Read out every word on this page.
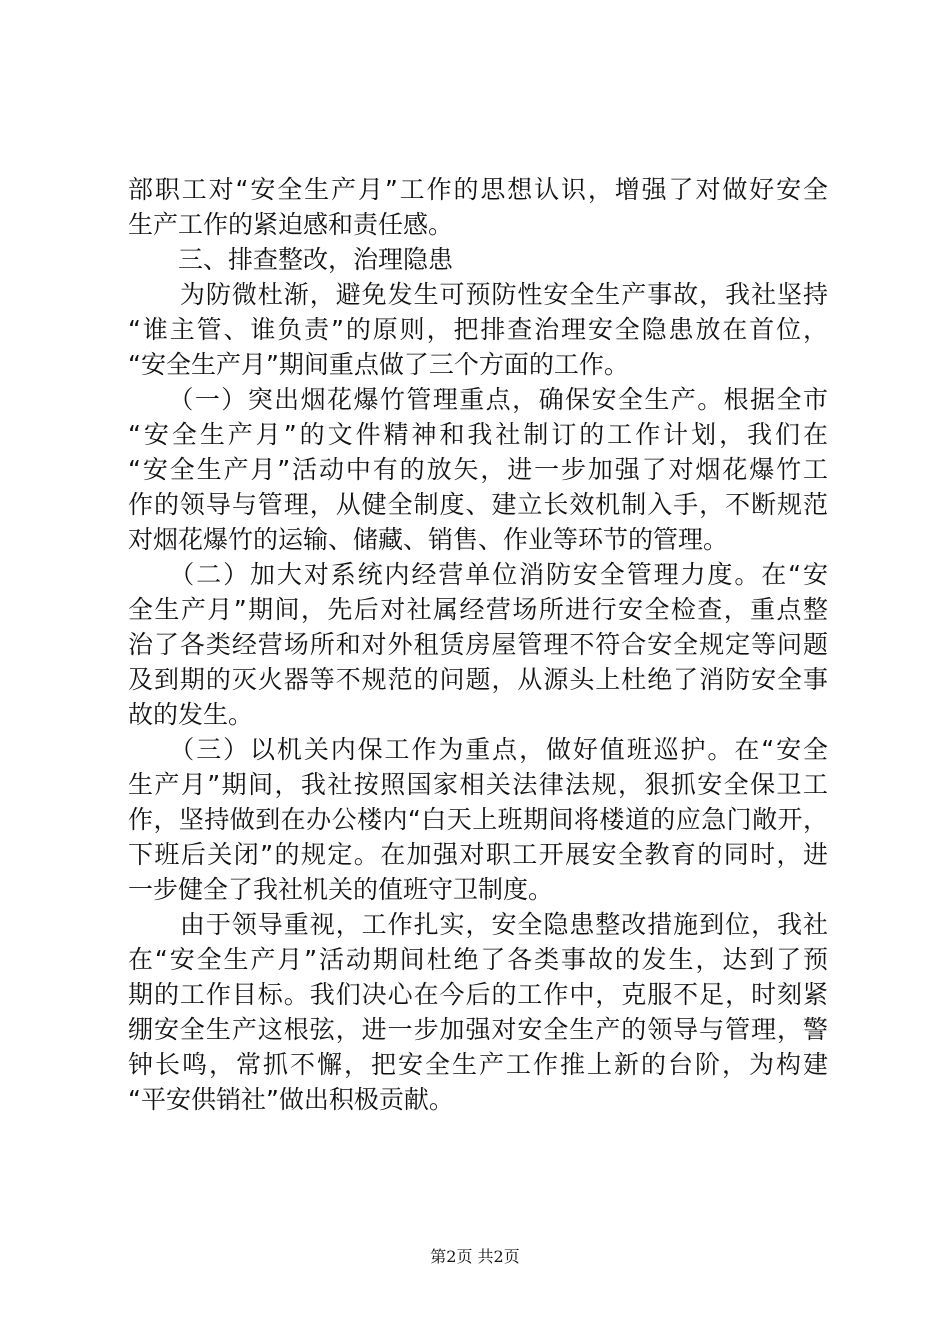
部职工对“安全生产月”工作的思想认识，增强了对做好安全
生产工作的紧迫感和责任感。
　　三、排查整改，治理隐患
　　为防微杜渐，避免发生可预防性安全生产事故，我社坚持
“谁主管、谁负责”的原则，把排查治理安全隐患放在首位，
“安全生产月”期间重点做了三个方面的工作。
　　（一）突出烟花爆竹管理重点，确保安全生产。根据全市
“安全生产月”的文件精神和我社制订的工作计划，我们在
“安全生产月”活动中有的放矢，进一步加强了对烟花爆竹工
作的领导与管理，从健全制度、建立长效机制入手，不断规范
对烟花爆竹的运输、储藏、销售、作业等环节的管理。
　　（二）加大对系统内经营单位消防安全管理力度。在“安
全生产月”期间，先后对社属经营场所进行安全检查，重点整
治了各类经营场所和对外租赁房屋管理不符合安全规定等问题
及到期的灭火器等不规范的问题，从源头上杜绝了消防安全事
故的发生。
　　（三）以机关内保工作为重点，做好值班巡护。在“安全
生产月”期间，我社按照国家相关法律法规，狠抓安全保卫工
作，坚持做到在办公楼内“白天上班期间将楼道的应急门敞开，
下班后关闭”的规定。在加强对职工开展安全教育的同时，进
一步健全了我社机关的值班守卫制度。
　　由于领导重视，工作扎实，安全隐患整改措施到位，我社
在“安全生产月”活动期间杜绝了各类事故的发生，达到了预
期的工作目标。我们决心在今后的工作中，克服不足，时刻紧
绷安全生产这根弦，进一步加强对安全生产的领导与管理，警
钟长鸣，常抓不懈，把安全生产工作推上新的台阶，为构建
“平安供销社”做出积极贡献。
第2页 共2页
